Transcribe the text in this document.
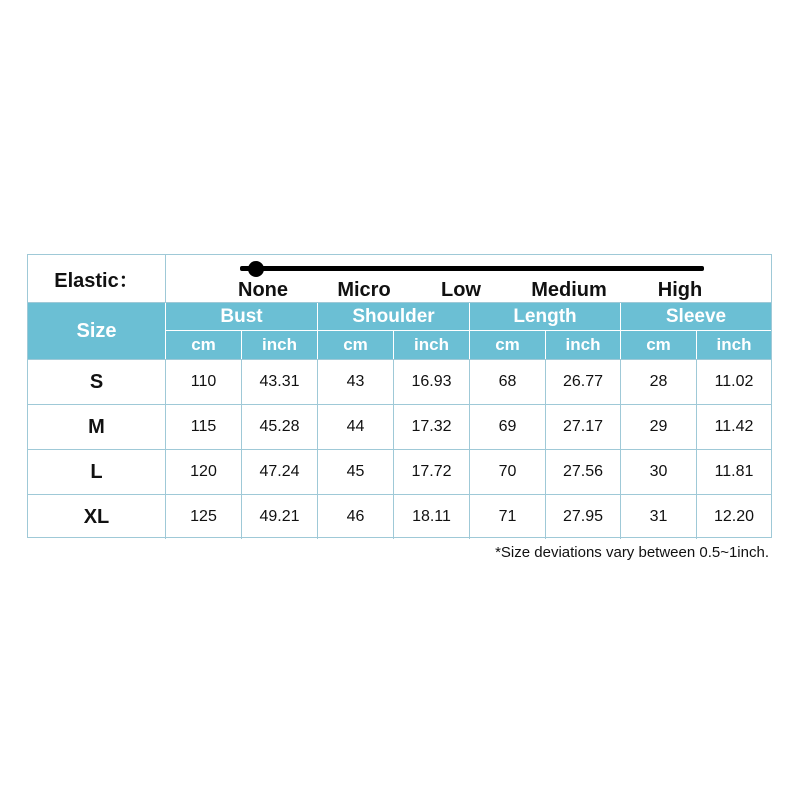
Elastic：	None Micro	Low	Medium	High
Size
Bust	Shoulder	Length	Sleeve
cm	inch	cm	inch	cm	inch	cm	inch
S	110	43.31	43	16.93	68	26.77	28	11.02
M	115	45.28	44	17.32	69	27.17	29	11.42
L	120	47.24	45	17.72	70	27.56	30	11.81
XL	125	49.21	46	18.11	71	27.95	31	12.20
*Size deviations vary between 0.5~1inch.
